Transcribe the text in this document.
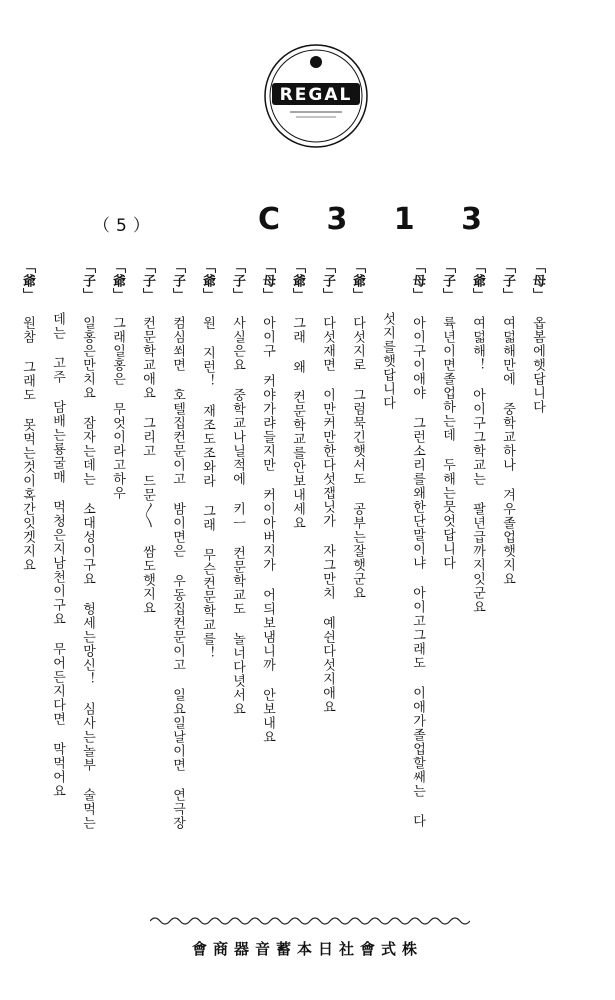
REGAL
（5）	C 3 1 3
「母」
옵봄에햇답니다
「子」
여덟해만에 중학교하나 겨우졸업햇지요
「爺」
여덟해！ 아이구그학교는 팔년급까지잇군요
「子」
륙년이면졸업하는데 두해는뭇엇답니다
「母」
아이구이애야 그런소리를왜한단말이냐 아이고그래도 이애가졸업할쌔는 다
섯지를햇답니다
「爺」
다섯지로 그럼묵긴햇서도 공부는잘햇군요
「子」
다섯재면 이만커만한다섯잽닛가 자그만치 예쉰다섯지애요
「爺」
그래 왜 컨문학교를안보내세요
「母」
아이구 커야가랴들지만 커이아버지가 어듸보냄니까 안보내요
「子」
사실은요 중학교나닐적에 키ㅡ 컨문학교도 놀너다녓서요
「爺」
원 지런！ 재조도조와라 그래 무슨컨문학교를！
「子」
컴심쐬면 호텔집컨문이고 밤이면은 우동집컨문이고 일요일날이면 연극장
「子」
컨문학교애요 그리고 드문〱 쌈도햇지요
「爺」
그래일홍은 무엇이라고하우
「子」
일홍은만치요 잠자는데는 소대성이구요 헝세는망신！ 심사는놀부 술먹는
데는 고주 담배는룡굴매 먹청은지남천이구요 무어든지다면 막먹어요
「爺」
원참 그래도 못먹는것이혹간잇겟지요
會商器音蓄本日社會式株
